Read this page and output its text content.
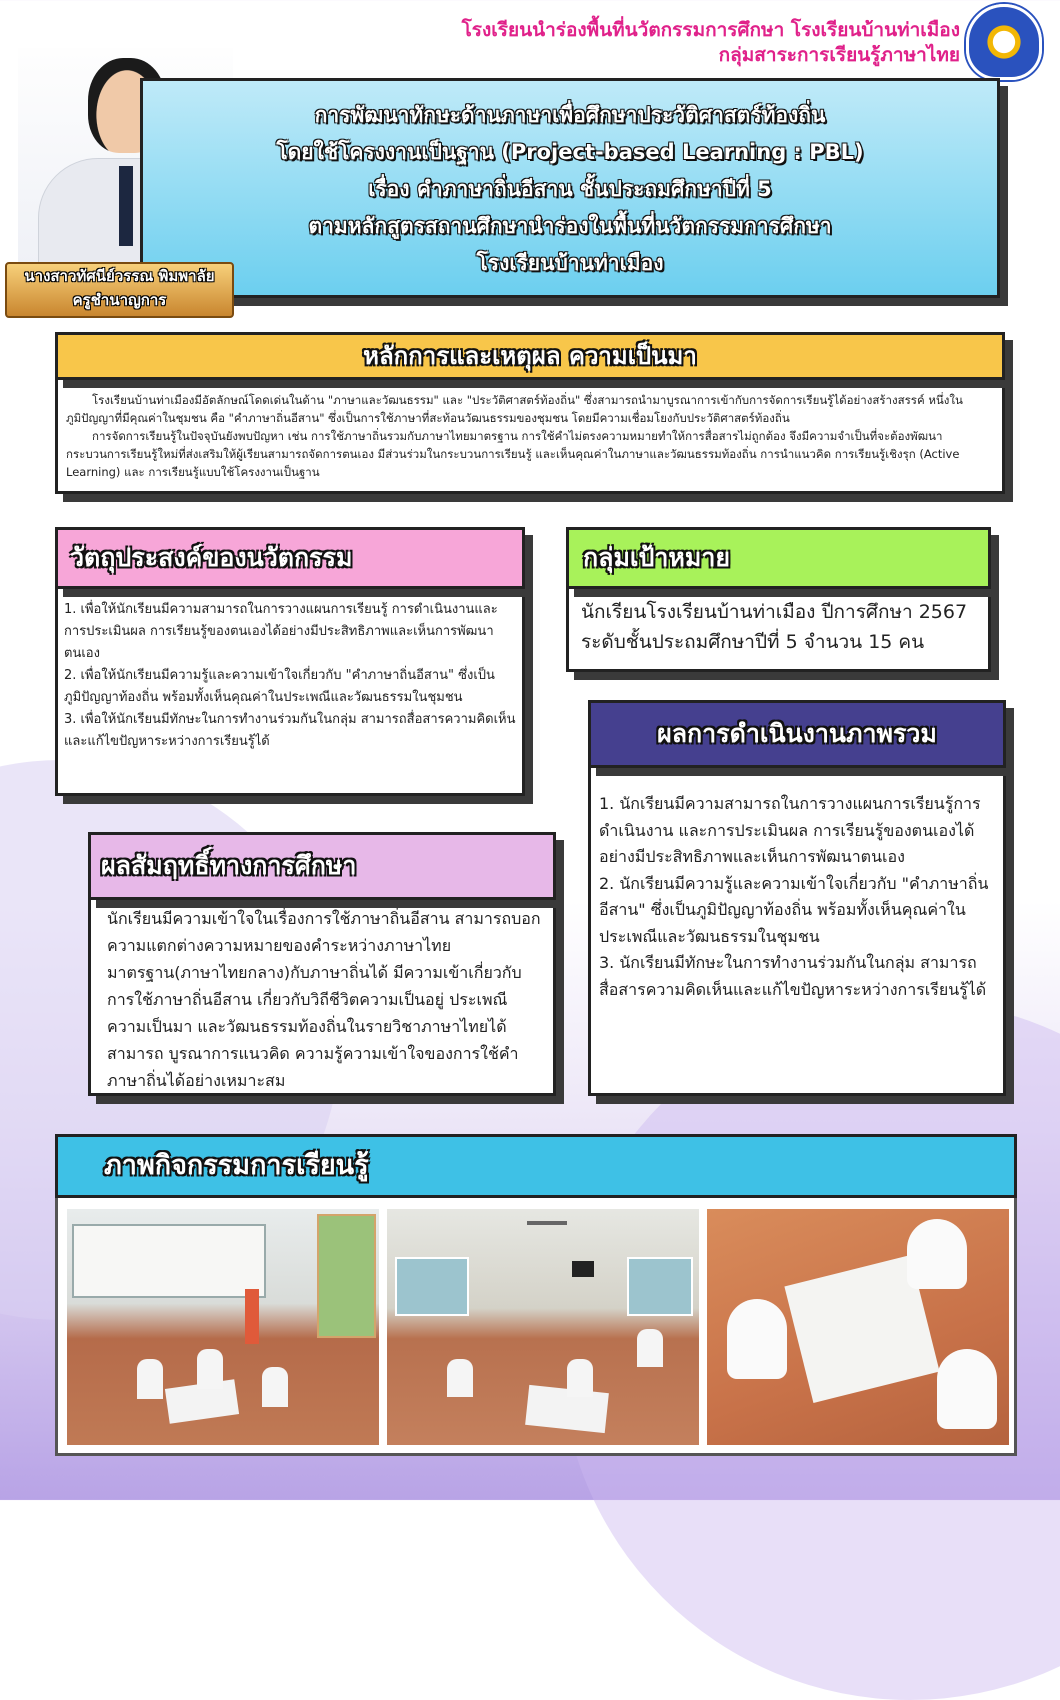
โรงเรียนนำร่องพื้นที่นวัตกรรมการศึกษา โรงเรียนบ้านท่าเมือง
กลุ่มสาระการเรียนรู้ภาษาไทย
การพัฒนาทักษะด้านภาษาเพื่อศึกษาประวัติศาสตร์ท้องถิ่น
โดยใช้โครงงานเป็นฐาน (Project-based Learning : PBL)
เรื่อง คำภาษาถิ่นอีสาน ชั้นประถมศึกษาปีที่ 5
ตามหลักสูตรสถานศึกษานำร่องในพื้นที่นวัตกรรมการศึกษา
โรงเรียนบ้านท่าเมือง
นางสาวทัศนีย์วรรณ พิมพาลัย
ครูชำนาญการ
โรงเรียนบ้านท่าเมืองมีอัตลักษณ์โดดเด่นในด้าน "ภาษาและวัฒนธรรม" และ "ประวัติศาสตร์ท้องถิ่น" ซึ่งสามารถนำมาบูรณาการเข้ากับการจัดการเรียนรู้ได้อย่างสร้างสรรค์ หนึ่งในภูมิปัญญาที่มีคุณค่าในชุมชน คือ "คำภาษาถิ่นอีสาน" ซึ่งเป็นการใช้ภาษาที่สะท้อนวัฒนธรรมของชุมชน โดยมีความเชื่อมโยงกับประวัติศาสตร์ท้องถิ่น
การจัดการเรียนรู้ในปัจจุบันยังพบปัญหา เช่น การใช้ภาษาถิ่นรวมกับภาษาไทยมาตรฐาน การใช้คำไม่ตรงความหมายทำให้การสื่อสารไม่ถูกต้อง จึงมีความจำเป็นที่จะต้องพัฒนากระบวนการเรียนรู้ใหม่ที่ส่งเสริมให้ผู้เรียนสามารถจัดการตนเอง มีส่วนร่วมในกระบวนการเรียนรู้ และเห็นคุณค่าในภาษาและวัฒนธรรมท้องถิ่น การนำแนวคิด การเรียนรู้เชิงรุก (Active Learning) และ การเรียนรู้แบบใช้โครงงานเป็นฐาน
หลักการและเหตุผล ความเป็นมา
1. เพื่อให้นักเรียนมีความสามารถในการวางแผนการเรียนรู้ การดำเนินงานและการประเมินผล การเรียนรู้ของตนเองได้อย่างมีประสิทธิภาพและเห็นการพัฒนาตนเอง
2. เพื่อให้นักเรียนมีความรู้และความเข้าใจเกี่ยวกับ "คำภาษาถิ่นอีสาน" ซึ่งเป็นภูมิปัญญาท้องถิ่น พร้อมทั้งเห็นคุณค่าในประเพณีและวัฒนธรรมในชุมชน
3. เพื่อให้นักเรียนมีทักษะในการทำงานร่วมกันในกลุ่ม สามารถสื่อสารความคิดเห็นและแก้ไขปัญหาระหว่างการเรียนรู้ได้
วัตถุประสงค์ของนวัตกรรม
นักเรียนโรงเรียนบ้านท่าเมือง ปีการศึกษา 2567
ระดับชั้นประถมศึกษาปีที่ 5 จำนวน 15 คน
กลุ่มเป้าหมาย
1. นักเรียนมีความสามารถในการวางแผนการเรียนรู้การดำเนินงาน และการประเมินผล การเรียนรู้ของตนเองได้อย่างมีประสิทธิภาพและเห็นการพัฒนาตนเอง
2. นักเรียนมีความรู้และความเข้าใจเกี่ยวกับ "คำภาษาถิ่นอีสาน" ซึ่งเป็นภูมิปัญญาท้องถิ่น พร้อมทั้งเห็นคุณค่าในประเพณีและวัฒนธรรมในชุมชน
3. นักเรียนมีทักษะในการทำงานร่วมกันในกลุ่ม สามารถสื่อสารความคิดเห็นและแก้ไขปัญหาระหว่างการเรียนรู้ได้
ผลการดำเนินงานภาพรวม
นักเรียนมีความเข้าใจในเรื่องการใช้ภาษาถิ่นอีสาน สามารถบอกความแตกต่างความหมายของคำระหว่างภาษาไทยมาตรฐาน(ภาษาไทยกลาง)กับภาษาถิ่นได้ มีความเข้าเกี่ยวกับการใช้ภาษาถิ่นอีสาน เกี่ยวกับวิถีชีวิตความเป็นอยู่ ประเพณี ความเป็นมา และวัฒนธรรมท้องถิ่นในรายวิชาภาษาไทยได้ สามารถ บูรณาการแนวคิด ความรู้ความเข้าใจของการใช้คำภาษาถิ่นได้อย่างเหมาะสม
ผลสัมฤทธิ์ทางการศึกษา
ภาพกิจกรรมการเรียนรู้
